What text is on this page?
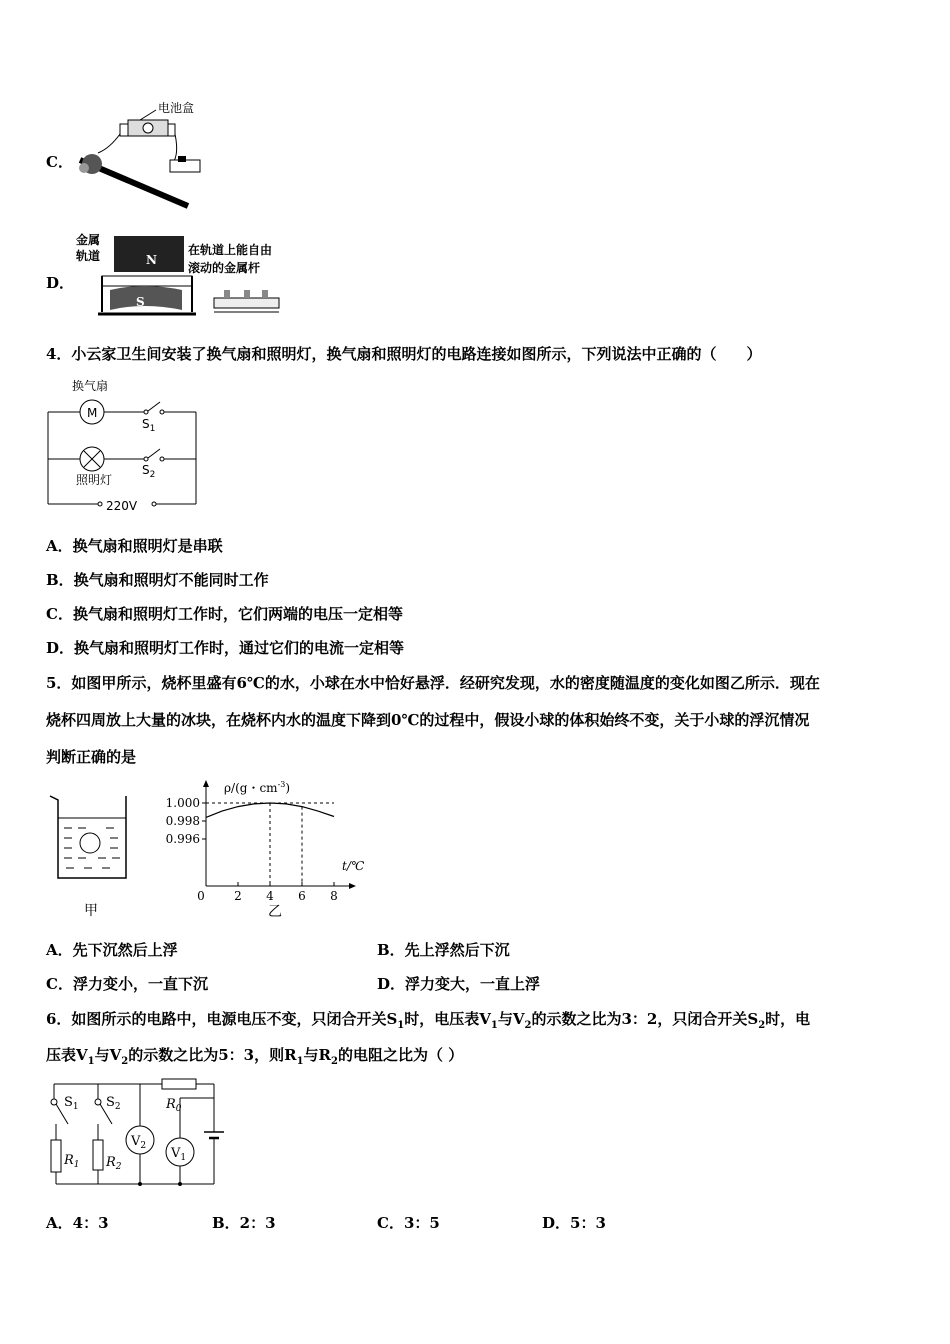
C．
电池盒
D．
金属
轨道	N
在轨道上能自由
滚动的金属杆
S
4．小云家卫生间安装了换气扇和照明灯，换气扇和照明灯的电路连接如图所示，下列说法中正确的（　　）
换气扇
照明灯
220V
$S_1$
$S_2$
M
A．换气扇和照明灯是串联
B．换气扇和照明灯不能同时工作
C．换气扇和照明灯工作时，它们两端的电压一定相等
D．换气扇和照明灯工作时，通过它们的电流一定相等
5．如图甲所示，烧杯里盛有6℃的水，小球在水中恰好悬浮．经研究发现，水的密度随温度的变化如图乙所示．现在
烧杯四周放上大量的冰块，在烧杯内水的温度下降到0℃的过程中，假设小球的体积始终不变，关于小球的浮沉情况
判断正确的是
甲
ρ/(g・$cm^{-3}$)
t/℃
1.000
0.998
0.996
0 2 4 6 8
乙
A．先下沉然后上浮	B．先上浮然后下沉
C．浮力变小，一直下沉	D．浮力变大，一直上浮
6．如图所示的电路中，电源电压不变，只闭合开关$S_1$时，电压表$V_1$与$V_2$的示数之比为3：2，只闭合开关$S_2$时，电
压表$V_1$与$V_2$的示数之比为5：3，则$R_1$与$R_2$的电阻之比为（ ）
$S_1$ $S_2$	$R_0$
$R_1$ $R_2$
$V_2$ $V_1$
A．4：3	B．2：3	C．3：5	D．5：3
